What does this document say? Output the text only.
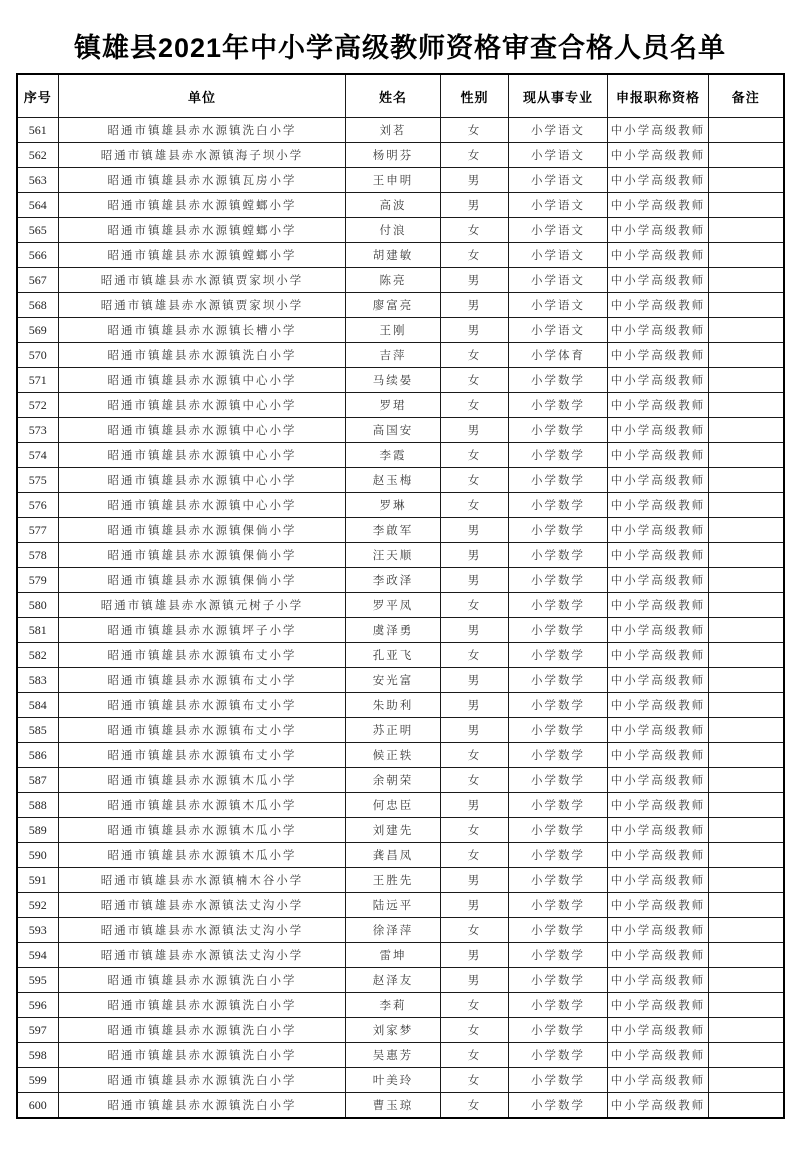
镇雄县2021年中小学高级教师资格审查合格人员名单
序号	单位	姓名	性别	现从事专业	申报职称资格	备注
561	昭通市镇雄县赤水源镇洗白小学	刘茗	女	小学语文	中小学高级教师	
562	昭通市镇雄县赤水源镇海子坝小学	杨明芬	女	小学语文	中小学高级教师	
563	昭通市镇雄县赤水源镇瓦房小学	王申明	男	小学语文	中小学高级教师	
564	昭通市镇雄县赤水源镇螳螂小学	高波	男	小学语文	中小学高级教师	
565	昭通市镇雄县赤水源镇螳螂小学	付浪	女	小学语文	中小学高级教师	
566	昭通市镇雄县赤水源镇螳螂小学	胡建敏	女	小学语文	中小学高级教师	
567	昭通市镇雄县赤水源镇贾家坝小学	陈亮	男	小学语文	中小学高级教师	
568	昭通市镇雄县赤水源镇贾家坝小学	廖富亮	男	小学语文	中小学高级教师	
569	昭通市镇雄县赤水源镇长槽小学	王刚	男	小学语文	中小学高级教师	
570	昭通市镇雄县赤水源镇洗白小学	吉萍	女	小学体育	中小学高级教师	
571	昭通市镇雄县赤水源镇中心小学	马续晏	女	小学数学	中小学高级教师	
572	昭通市镇雄县赤水源镇中心小学	罗珺	女	小学数学	中小学高级教师	
573	昭通市镇雄县赤水源镇中心小学	高国安	男	小学数学	中小学高级教师	
574	昭通市镇雄县赤水源镇中心小学	李霞	女	小学数学	中小学高级教师	
575	昭通市镇雄县赤水源镇中心小学	赵玉梅	女	小学数学	中小学高级教师	
576	昭通市镇雄县赤水源镇中心小学	罗琳	女	小学数学	中小学高级教师	
577	昭通市镇雄县赤水源镇倮倘小学	李啟军	男	小学数学	中小学高级教师	
578	昭通市镇雄县赤水源镇倮倘小学	汪天顺	男	小学数学	中小学高级教师	
579	昭通市镇雄县赤水源镇倮倘小学	李政泽	男	小学数学	中小学高级教师	
580	昭通市镇雄县赤水源镇元树子小学	罗平凤	女	小学数学	中小学高级教师	
581	昭通市镇雄县赤水源镇坪子小学	虞泽勇	男	小学数学	中小学高级教师	
582	昭通市镇雄县赤水源镇布丈小学	孔亚飞	女	小学数学	中小学高级教师	
583	昭通市镇雄县赤水源镇布丈小学	安光富	男	小学数学	中小学高级教师	
584	昭通市镇雄县赤水源镇布丈小学	朱助利	男	小学数学	中小学高级教师	
585	昭通市镇雄县赤水源镇布丈小学	苏正明	男	小学数学	中小学高级教师	
586	昭通市镇雄县赤水源镇布丈小学	候正轶	女	小学数学	中小学高级教师	
587	昭通市镇雄县赤水源镇木瓜小学	余朝荣	女	小学数学	中小学高级教师	
588	昭通市镇雄县赤水源镇木瓜小学	何忠臣	男	小学数学	中小学高级教师	
589	昭通市镇雄县赤水源镇木瓜小学	刘建先	女	小学数学	中小学高级教师	
590	昭通市镇雄县赤水源镇木瓜小学	龚昌凤	女	小学数学	中小学高级教师	
591	昭通市镇雄县赤水源镇楠木谷小学	王胜先	男	小学数学	中小学高级教师	
592	昭通市镇雄县赤水源镇法丈沟小学	陆远平	男	小学数学	中小学高级教师	
593	昭通市镇雄县赤水源镇法丈沟小学	徐泽萍	女	小学数学	中小学高级教师	
594	昭通市镇雄县赤水源镇法丈沟小学	雷坤	男	小学数学	中小学高级教师	
595	昭通市镇雄县赤水源镇洗白小学	赵泽友	男	小学数学	中小学高级教师	
596	昭通市镇雄县赤水源镇洗白小学	李莉	女	小学数学	中小学高级教师	
597	昭通市镇雄县赤水源镇洗白小学	刘家梦	女	小学数学	中小学高级教师	
598	昭通市镇雄县赤水源镇洗白小学	吴惠芳	女	小学数学	中小学高级教师	
599	昭通市镇雄县赤水源镇洗白小学	叶美玲	女	小学数学	中小学高级教师	
600	昭通市镇雄县赤水源镇洗白小学	曹玉琼	女	小学数学	中小学高级教师	
